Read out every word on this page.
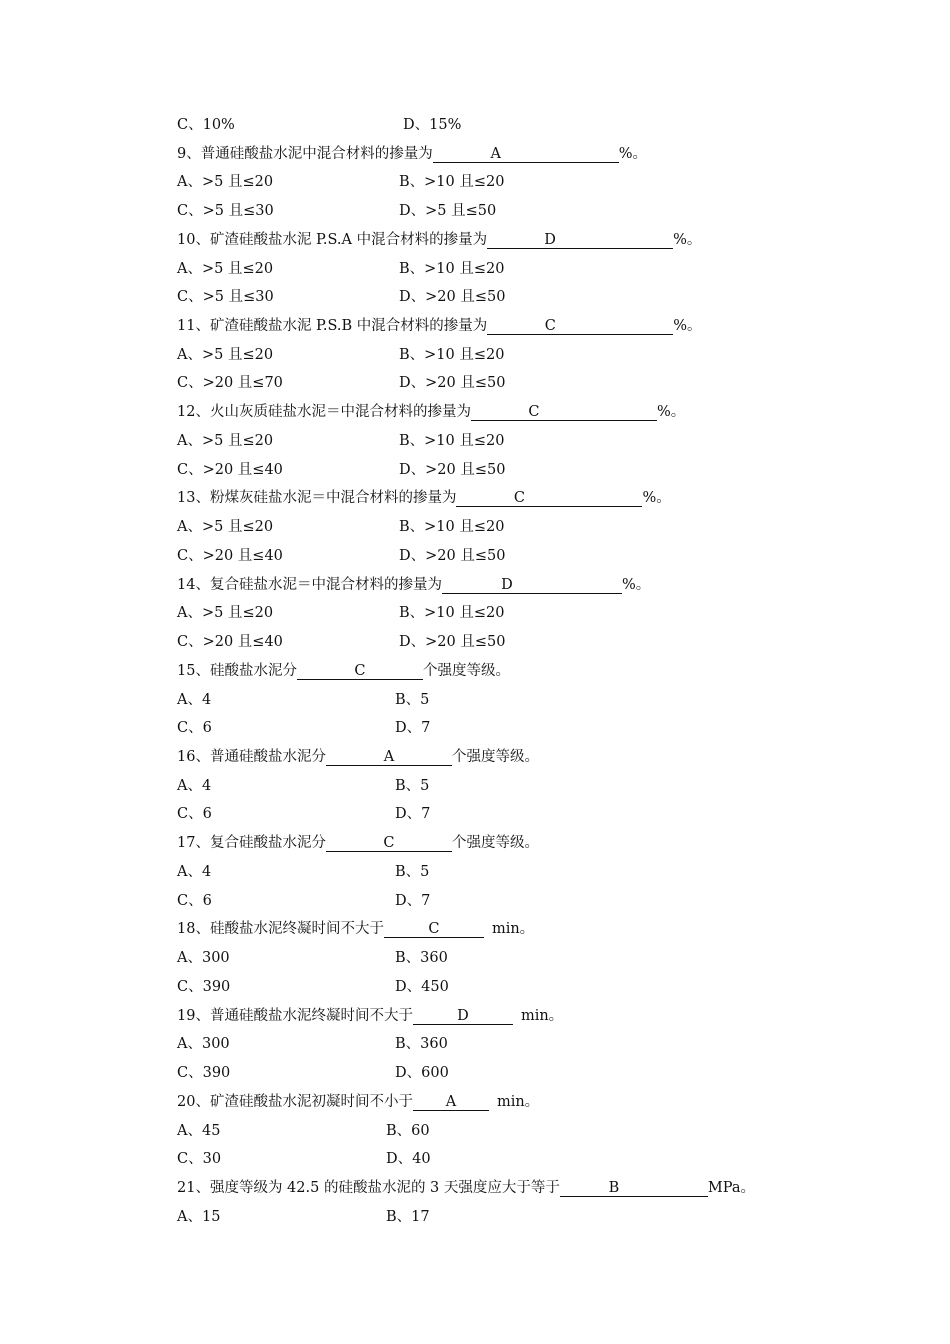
C、10%	D、15%
9、普通硅酸盐水泥中混合材料的掺量为	A	%。
A、>5 且≤20	B、>10 且≤20
C、>5 且≤30	D、>5 且≤50
10、矿渣硅酸盐水泥 P.S.A 中混合材料的掺量为	D	%。
A、>5 且≤20	B、>10 且≤20
C、>5 且≤30	D、>20 且≤50
11、矿渣硅酸盐水泥 P.S.B 中混合材料的掺量为	C	%。
A、>5 且≤20	B、>10 且≤20
C、>20 且≤70	D、>20 且≤50
12、火山灰质硅盐水泥＝中混合材料的掺量为	C	%。
A、>5 且≤20	B、>10 且≤20
C、>20 且≤40	D、>20 且≤50
13、粉煤灰硅盐水泥＝中混合材料的掺量为	C	%。
A、>5 且≤20	B、>10 且≤20
C、>20 且≤40	D、>20 且≤50
14、复合硅盐水泥＝中混合材料的掺量为	D	%。
A、>5 且≤20	B、>10 且≤20
C、>20 且≤40	D、>20 且≤50
15、硅酸盐水泥分	C	个强度等级。
A、4	B、5
C、6	D、7
16、普通硅酸盐水泥分	A	个强度等级。
A、4	B、5
C、6	D、7
17、复合硅酸盐水泥分	C	个强度等级。
A、4	B、5
C、6	D、7
18、硅酸盐水泥终凝时间不大于	C	min。
A、300	B、360
C、390	D、450
19、普通硅酸盐水泥终凝时间不大于	D	min。
A、300	B、360
C、390	D、600
20、矿渣硅酸盐水泥初凝时间不小于 A	min。
A、45	B、60
C、30	D、40
21、强度等级为 42.5 的硅酸盐水泥的 3 天强度应大于等于	B	MPa。
A、15	B、17
